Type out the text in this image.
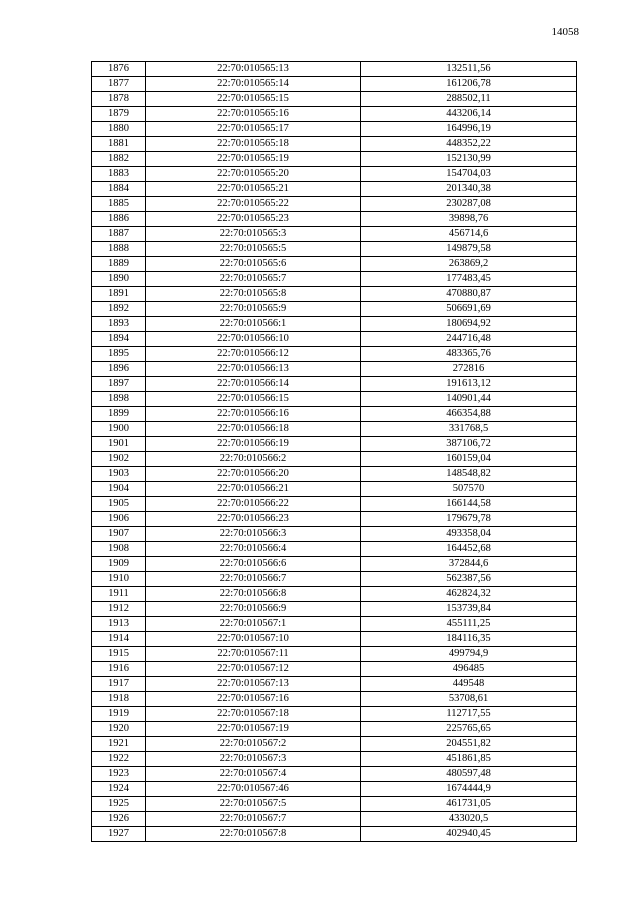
14058
1876	22:70:010565:13	132511,56
1877	22:70:010565:14	161206,78
1878	22:70:010565:15	288502,11
1879	22:70:010565:16	443206,14
1880	22:70:010565:17	164996,19
1881	22:70:010565:18	448352,22
1882	22:70:010565:19	152130,99
1883	22:70:010565:20	154704,03
1884	22:70:010565:21	201340,38
1885	22:70:010565:22	230287,08
1886	22:70:010565:23	39898,76
1887	22:70:010565:3	456714,6
1888	22:70:010565:5	149879,58
1889	22:70:010565:6	263869,2
1890	22:70:010565:7	177483,45
1891	22:70:010565:8	470880,87
1892	22:70:010565:9	506691,69
1893	22:70:010566:1	180694,92
1894	22:70:010566:10	244716,48
1895	22:70:010566:12	483365,76
1896	22:70:010566:13	272816
1897	22:70:010566:14	191613,12
1898	22:70:010566:15	140901,44
1899	22:70:010566:16	466354,88
1900	22:70:010566:18	331768,5
1901	22:70:010566:19	387106,72
1902	22:70:010566:2	160159,04
1903	22:70:010566:20	148548,82
1904	22:70:010566:21	507570
1905	22:70:010566:22	166144,58
1906	22:70:010566:23	179679,78
1907	22:70:010566:3	493358,04
1908	22:70:010566:4	164452,68
1909	22:70:010566:6	372844,6
1910	22:70:010566:7	562387,56
1911	22:70:010566:8	462824,32
1912	22:70:010566:9	153739,84
1913	22:70:010567:1	455111,25
1914	22:70:010567:10	184116,35
1915	22:70:010567:11	499794,9
1916	22:70:010567:12	496485
1917	22:70:010567:13	449548
1918	22:70:010567:16	53708,61
1919	22:70:010567:18	112717,55
1920	22:70:010567:19	225765,65
1921	22:70:010567:2	204551,82
1922	22:70:010567:3	451861,85
1923	22:70:010567:4	480597,48
1924	22:70:010567:46	1674444,9
1925	22:70:010567:5	461731,05
1926	22:70:010567:7	433020,5
1927	22:70:010567:8	402940,45
